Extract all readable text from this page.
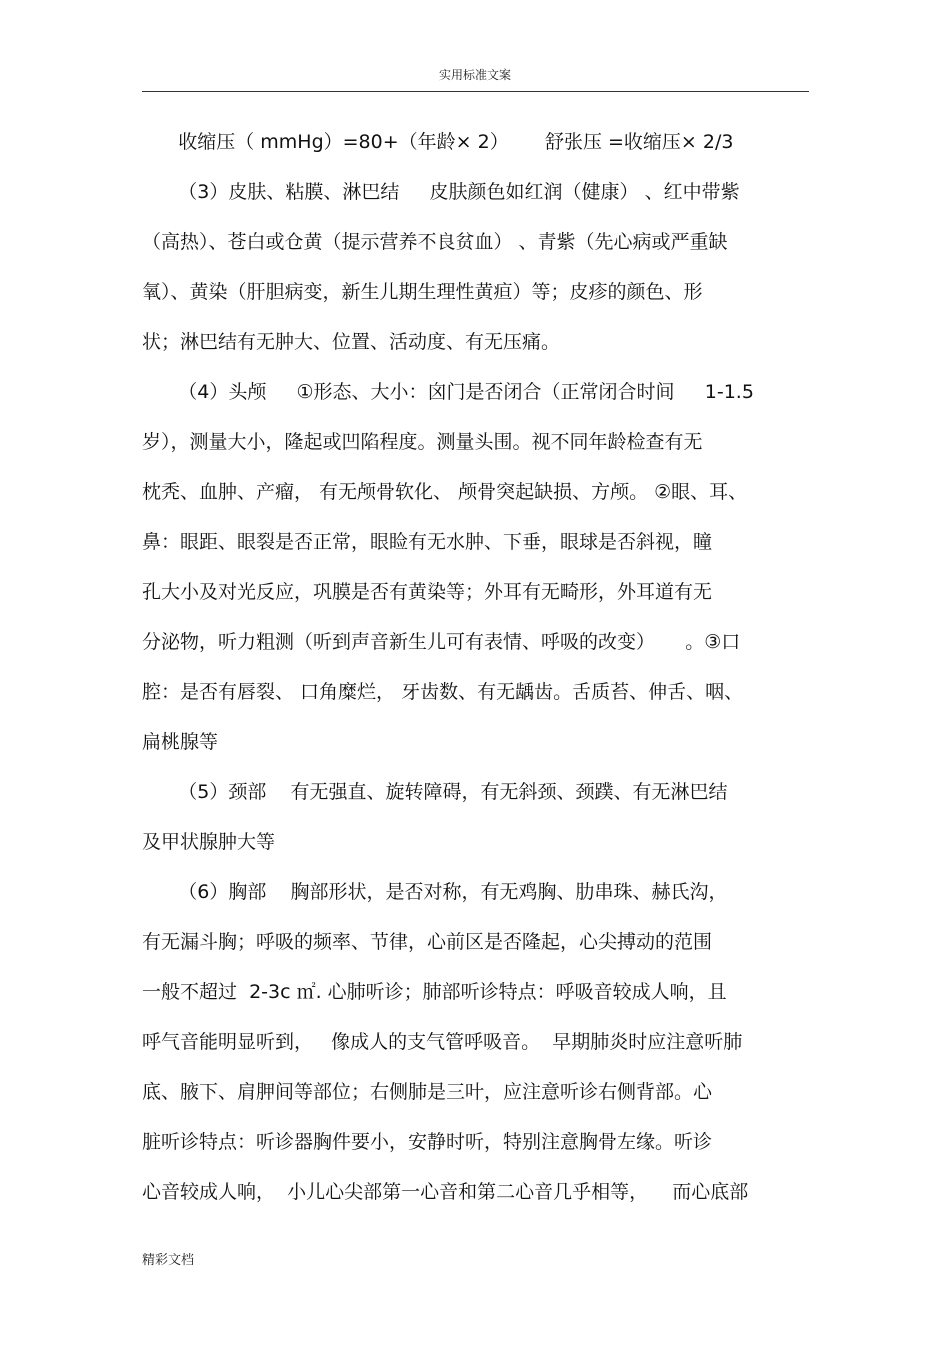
实用标准文案
收缩压（ mmHg）=80+（年龄× 2）      舒张压 =收缩压× 2/3
（3）皮肤、粘膜、淋巴结     皮肤颜色如红润（健康） 、红中带紫
（高热）、苍白或仓黄（提示营养不良贫血） 、青紫（先心病或严重缺
氧）、黄染（肝胆病变，新生儿期生理性黄疸）等；皮疹的颜色、形
状；淋巴结有无肿大、位置、活动度、有无压痛。
（4）头颅     ①形态、大小：囟门是否闭合（正常闭合时间     1-1.5
岁），测量大小，隆起或凹陷程度。测量头围。视不同年龄检查有无
枕秃、血肿、产瘤， 有无颅骨软化、 颅骨突起缺损、方颅。 ②眼、耳、
鼻：眼距、眼裂是否正常，眼睑有无水肿、下垂，眼球是否斜视，瞳
孔大小及对光反应，巩膜是否有黄染等；外耳有无畸形，外耳道有无
分泌物，听力粗测（听到声音新生儿可有表情、呼吸的改变）     。③口
腔：是否有唇裂、 口角糜烂， 牙齿数、有无龋齿。舌质苔、伸舌、咽、
扁桃腺等
（5）颈部    有无强直、旋转障碍，有无斜颈、颈蹼、有无淋巴结
及甲状腺肿大等
（6）胸部    胸部形状，是否对称，有无鸡胸、肋串珠、赫氏沟，
有无漏斗胸；呼吸的频率、节律，心前区是否隆起，心尖搏动的范围
一般不超过  2-3c ㎡. 心肺听诊；肺部听诊特点：呼吸音较成人响，且
呼气音能明显听到，   像成人的支气管呼吸音。  早期肺炎时应注意听肺
底、腋下、肩胛间等部位；右侧肺是三叶，应注意听诊右侧背部。心
脏听诊特点：听诊器胸件要小，安静时听，特别注意胸骨左缘。听诊
心音较成人响，  小儿心尖部第一心音和第二心音几乎相等，    而心底部
精彩文档
